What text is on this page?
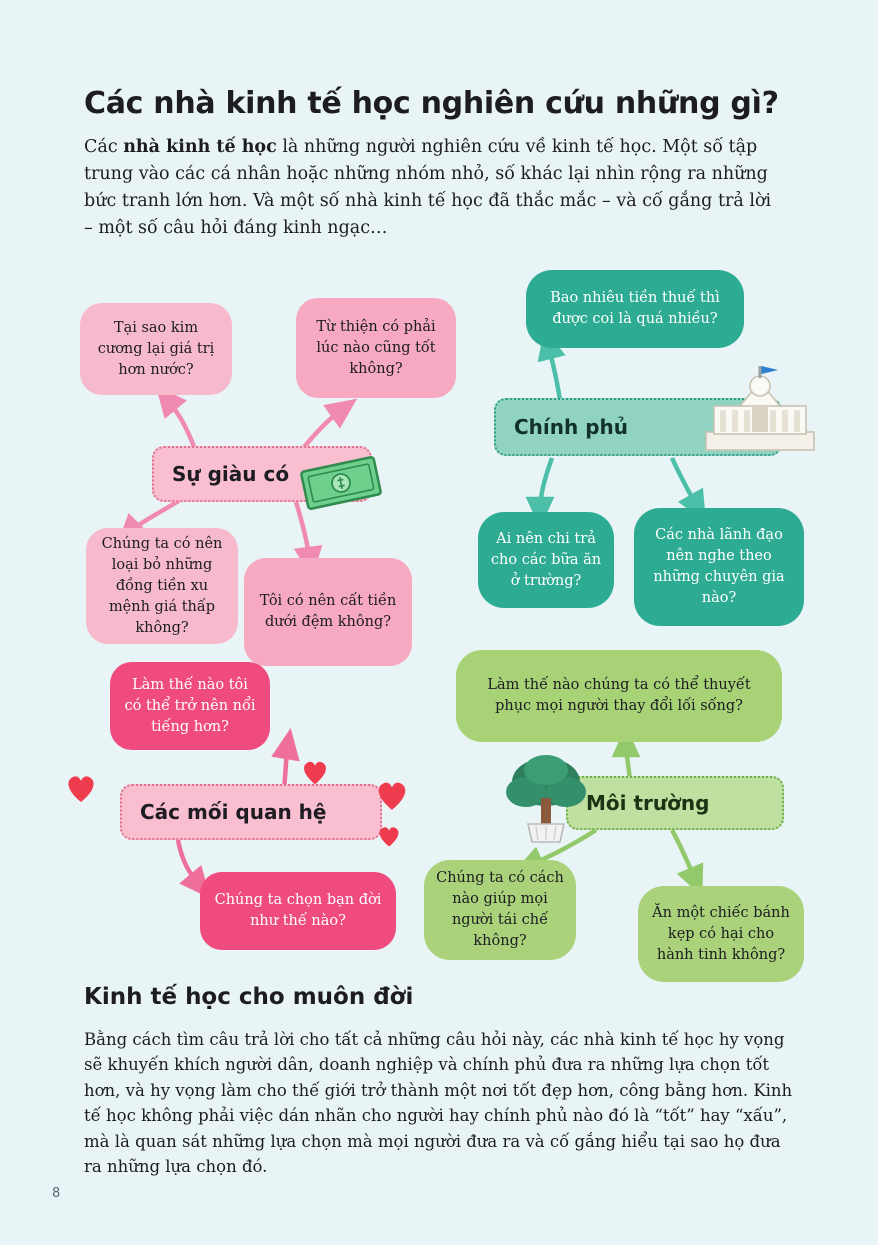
Các nhà kinh tế học nghiên cứu những gì?
Các nhà kinh tế học là những người nghiên cứu về kinh tế học. Một số tập trung vào các cá nhân hoặc những nhóm nhỏ, số khác lại nhìn rộng ra những bức tranh lớn hơn. Và một số nhà kinh tế học đã thắc mắc – và cố gắng trả lời – một số câu hỏi đáng kinh ngạc…
Tại sao kim cương lại giá trị hơn nước?
Từ thiện có phải lúc nào cũng tốt không?
Chúng ta có nên loại bỏ những đồng tiền xu mệnh giá thấp không?
Tôi có nên cất tiền dưới đệm không?
Làm thế nào tôi có thể trở nên nổi tiếng hơn?
Chúng ta chọn bạn đời như thế nào?
Bao nhiêu tiền thuế thì được coi là quá nhiều?
Ai nên chi trả cho các bữa ăn ở trường?
Các nhà lãnh đạo nên nghe theo những chuyên gia nào?
Làm thế nào chúng ta có thể thuyết phục mọi người thay đổi lối sống?
Chúng ta có cách nào giúp mọi người tái chế không?
Ăn một chiếc bánh kẹp có hại cho hành tinh không?
Sự giàu có
Chính phủ
Các mối quan hệ	Môi trường
Kinh tế học cho muôn đời

Bằng cách tìm câu trả lời cho tất cả những câu hỏi này, các nhà kinh tế học hy vọng sẽ khuyến khích người dân, doanh nghiệp và chính phủ đưa ra những lựa chọn tốt hơn, và hy vọng làm cho thế giới trở thành một nơi tốt đẹp hơn, công bằng hơn. Kinh tế học không phải việc dán nhãn cho người hay chính phủ nào đó là “tốt” hay “xấu”, mà là quan sát những lựa chọn mà mọi người đưa ra và cố gắng hiểu tại sao họ đưa ra những lựa chọn đó.

8
